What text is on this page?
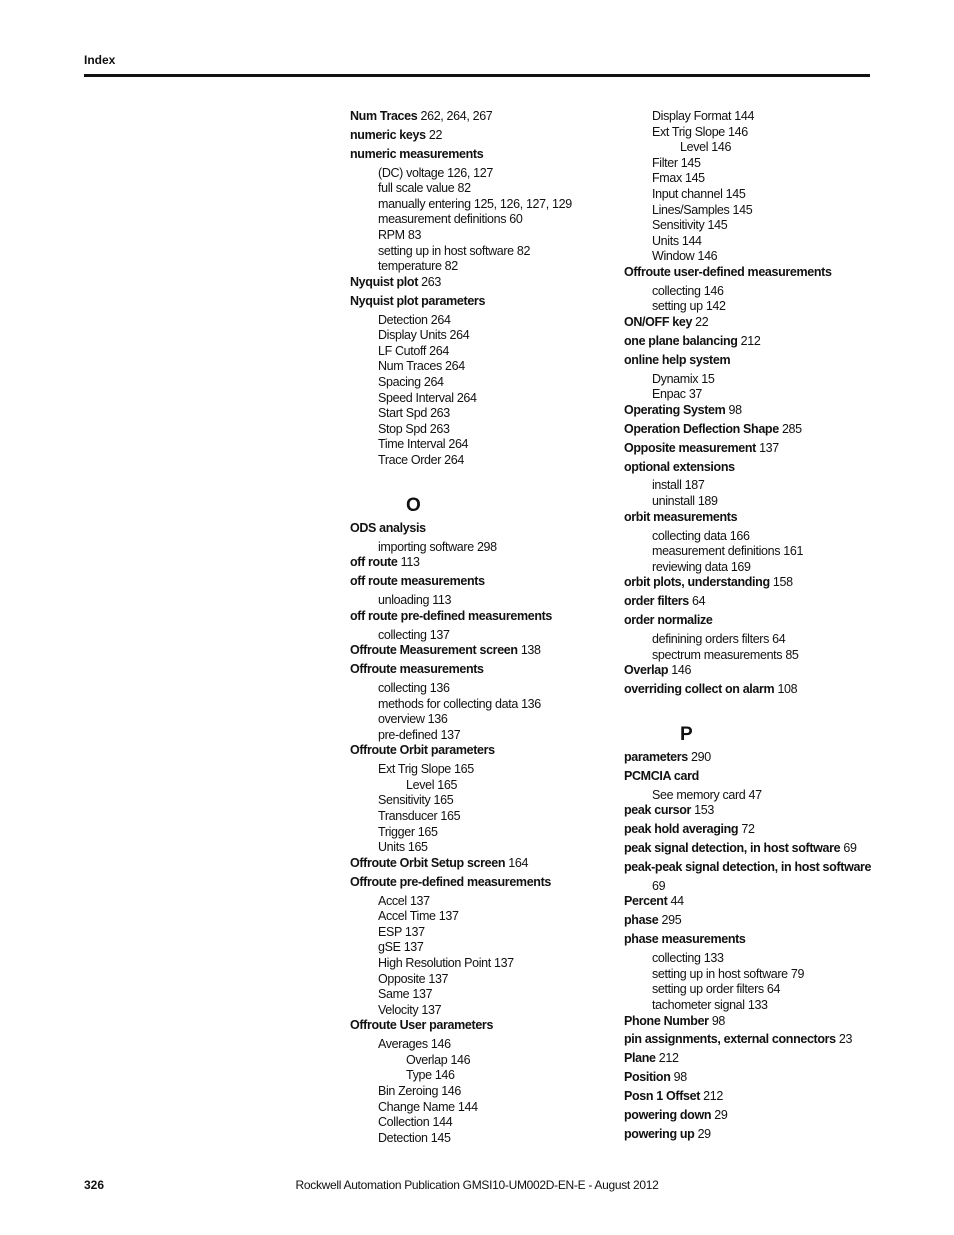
Index
Num Traces 262, 264, 267
numeric keys 22
numeric measurements
(DC) voltage 126, 127
full scale value 82
manually entering 125, 126, 127, 129
measurement definitions 60
RPM 83
setting up in host software 82
temperature 82
Nyquist plot 263
Nyquist plot parameters
Detection 264
Display Units 264
LF Cutoff 264
Num Traces 264
Spacing 264
Speed Interval 264
Start Spd 263
Stop Spd 263
Time Interval 264
Trace Order 264
O
ODS analysis
importing software 298
off route 113
off route measurements
unloading 113
off route pre-defined measurements
collecting 137
Offroute Measurement screen 138
Offroute measurements
collecting 136
methods for collecting data 136
overview 136
pre-defined 137
Offroute Orbit parameters
Ext Trig Slope 165
Level 165
Sensitivity 165
Transducer 165
Trigger 165
Units 165
Offroute Orbit Setup screen 164
Offroute pre-defined measurements
Accel 137
Accel Time 137
ESP 137
gSE 137
High Resolution Point 137
Opposite 137
Same 137
Velocity 137
Offroute User parameters
Averages 146
Overlap 146
Type 146
Bin Zeroing 146
Change Name 144
Collection 144
Detection 145
Display Format 144
Ext Trig Slope 146
Level 146
Filter 145
Fmax 145
Input channel 145
Lines/Samples 145
Sensitivity 145
Units 144
Window 146
Offroute user-defined measurements
collecting 146
setting up 142
ON/OFF key 22
one plane balancing 212
online help system
Dynamix 15
Enpac 37
Operating System 98
Operation Deflection Shape 285
Opposite measurement 137
optional extensions
install 187
uninstall 189
orbit measurements
collecting data 166
measurement definitions 161
reviewing data 169
orbit plots, understanding 158
order filters 64
order normalize
definining orders filters 64
spectrum measurements 85
Overlap 146
overriding collect on alarm 108
P
parameters 290
PCMCIA card
See memory card 47
peak cursor 153
peak hold averaging 72
peak signal detection, in host software 69
peak-peak signal detection, in host software
69
Percent 44
phase 295
phase measurements
collecting 133
setting up in host software 79
setting up order filters 64
tachometer signal 133
Phone Number 98
pin assignments, external connectors 23
Plane 212
Position 98
Posn 1 Offset 212
powering down 29
powering up 29
326	Rockwell Automation Publication GMSI10-UM002D-EN-E - August 2012
